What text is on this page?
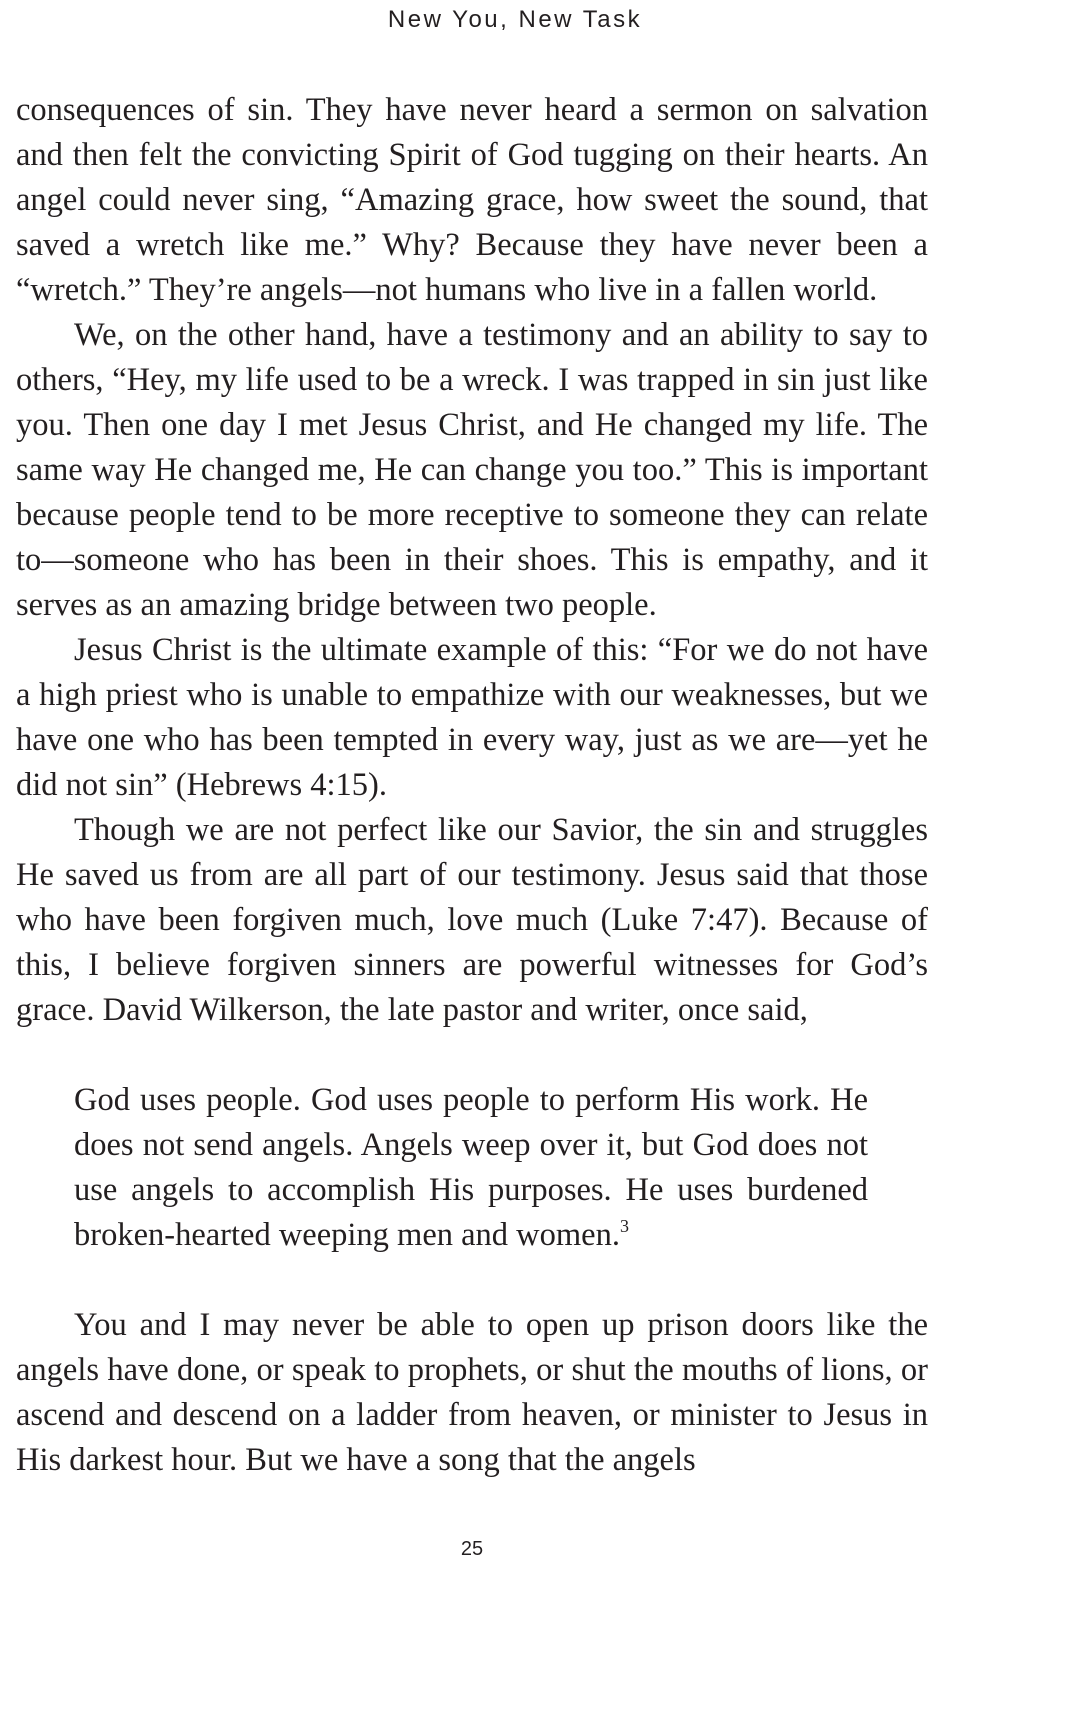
New You, New Task

consequences of sin. They have never heard a sermon on salvation and then felt the convicting Spirit of God tugging on their hearts. An angel could never sing, “Amazing grace, how sweet the sound, that saved a wretch like me.” Why? Because they have never been a “wretch.” They’re angels—not humans who live in a fallen world.

We, on the other hand, have a testimony and an ability to say to others, “Hey, my life used to be a wreck. I was trapped in sin just like you. Then one day I met Jesus Christ, and He changed my life. The same way He changed me, He can change you too.” This is important because people tend to be more receptive to someone they can relate to—someone who has been in their shoes. This is empathy, and it serves as an amazing bridge between two people.

Jesus Christ is the ultimate example of this: “For we do not have a high priest who is unable to empathize with our weaknesses, but we have one who has been tempted in every way, just as we are—yet he did not sin” (Hebrews 4:15).

Though we are not perfect like our Savior, the sin and struggles He saved us from are all part of our testimony. Jesus said that those who have been forgiven much, love much (Luke 7:47). Because of this, I believe forgiven sinners are powerful witnesses for God’s grace. David Wilkerson, the late pastor and writer, once said,

God uses people. God uses people to perform His work. He does not send angels. Angels weep over it, but God does not use angels to accomplish His purposes. He uses burdened broken-hearted weeping men and women.$^3$

You and I may never be able to open up prison doors like the angels have done, or speak to prophets, or shut the mouths of lions, or ascend and descend on a ladder from heaven, or minister to Jesus in His darkest hour. But we have a song that the angels

25
